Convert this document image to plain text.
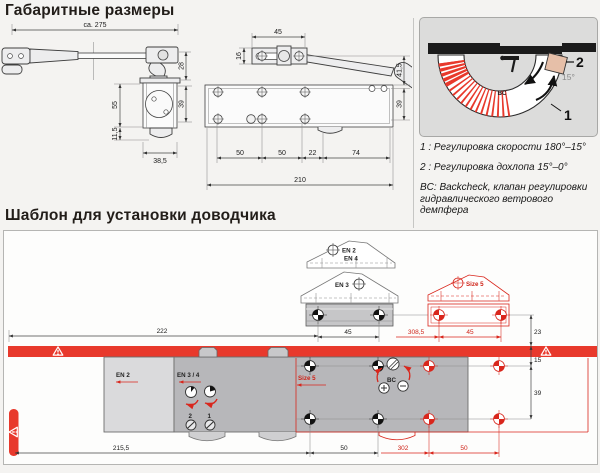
Габаритные размеры
ca. 275
28
55	39
11,5
38,5
45
16
41,5
39
50	50	22	74
210
BC
1
2
15°

1 : Регулировка скорости 180°–15°

2 : Регулировка дохлопа 15°–0°

BC: Backcheck, клапан регулировки гидравлического ветрового демпфера

Шаблон для установки доводчика
EN 2
EN 4
EN 3	Size 5
45	308,5	45
222	23
15
39
EN 2	EN 3 / 4	Size 5
2	1
BC
215,5	50	302	50
